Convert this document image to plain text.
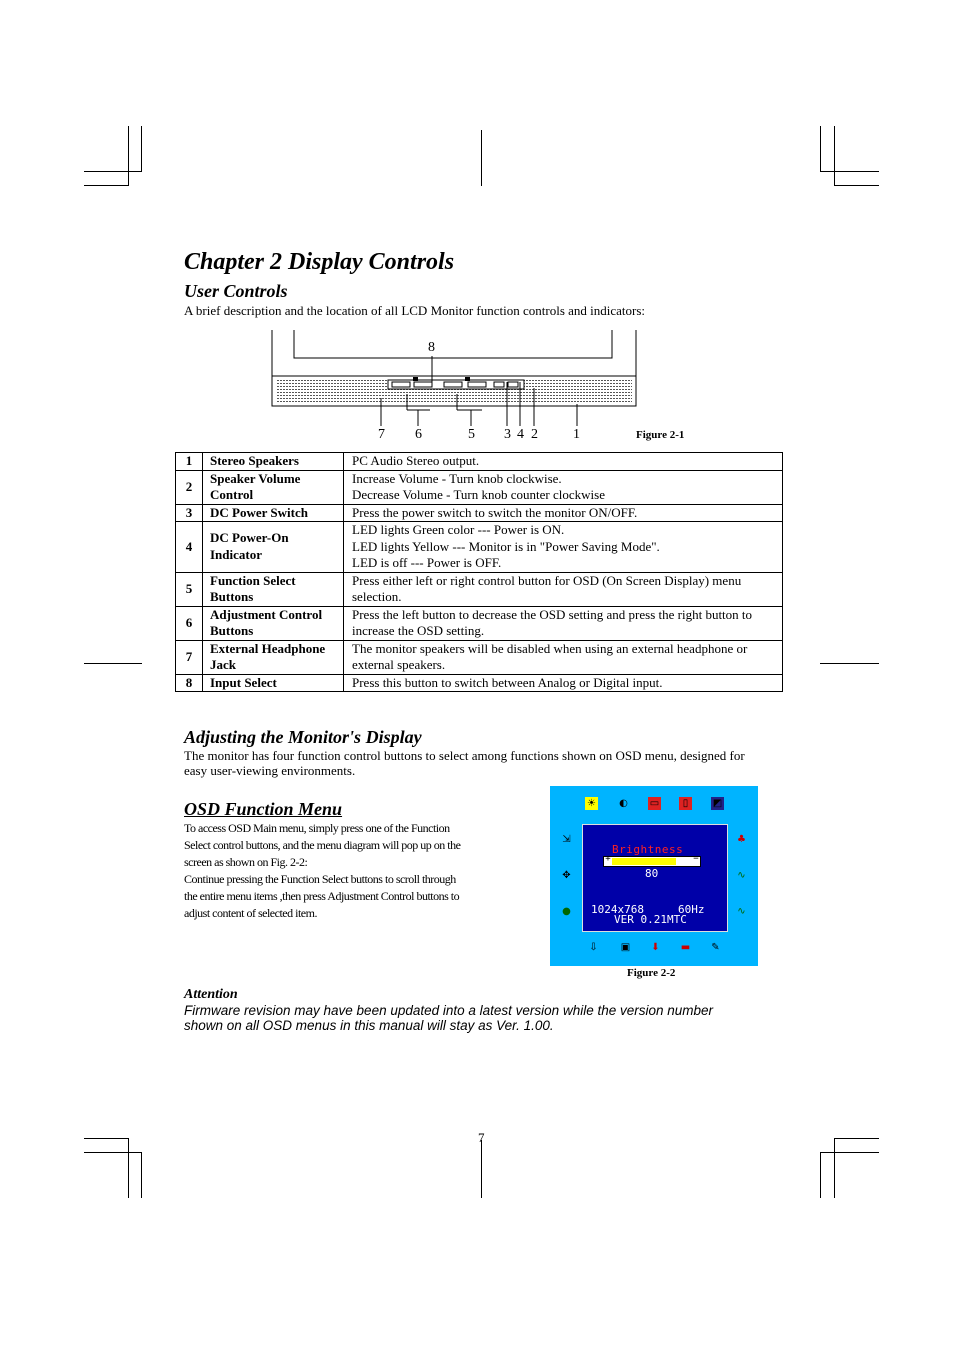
Chapter 2 Display Controls
User Controls
A brief description and the location of all LCD Monitor function controls and indicators:
8
7 6	5 3 4 2	1	Figure 2-1
1	Stereo Speakers	PC Audio Stereo output.

2	Speaker Volume Control	Increase Volume - Turn knob clockwise.
Decrease Volume - Turn knob counter clockwise

3	DC Power Switch	Press the power switch to switch the monitor ON/OFF.

4	DC Power-On Indicator	LED lights Green color --- Power is ON.
LED lights Yellow --- Monitor is in "Power Saving Mode".
LED is off --- Power is OFF.

5	Function Select Buttons	Press either left or right control button for OSD (On Screen Display) menu selection.

6	Adjustment Control Buttons	Press the left button to decrease the OSD setting and press the right button to increase the OSD setting.

7	External Headphone Jack	The monitor speakers will be disabled when using an external headphone or external speakers.

8	Input Select	Press this button to switch between Analog or Digital input.
Adjusting the Monitor's Display
The monitor has four function control buttons to select among functions shown on OSD menu, designed for easy user-viewing environments.
OSD Function Menu
To access OSD Main menu, simply press one of the Function
Select control buttons, and the menu diagram will pop up on the
screen as shown on Fig. 2-2:
Continue pressing the Function Select buttons to scroll through
the entire menu items ,then press Adjustment Control buttons to
adjust content of selected item.
☀ ◐ ▭	▯	◩
⇲
✥
●
♣
∿
∿
⇩ ▣ ⬇ ▬ ✎
Brightness
+	−
80
1024x768	60Hz
VER 0.21MTC
Figure 2-2
Attention
Firmware revision may have been updated into a latest version while the version number
shown on all OSD menus in this manual will stay as Ver. 1.00.
7
